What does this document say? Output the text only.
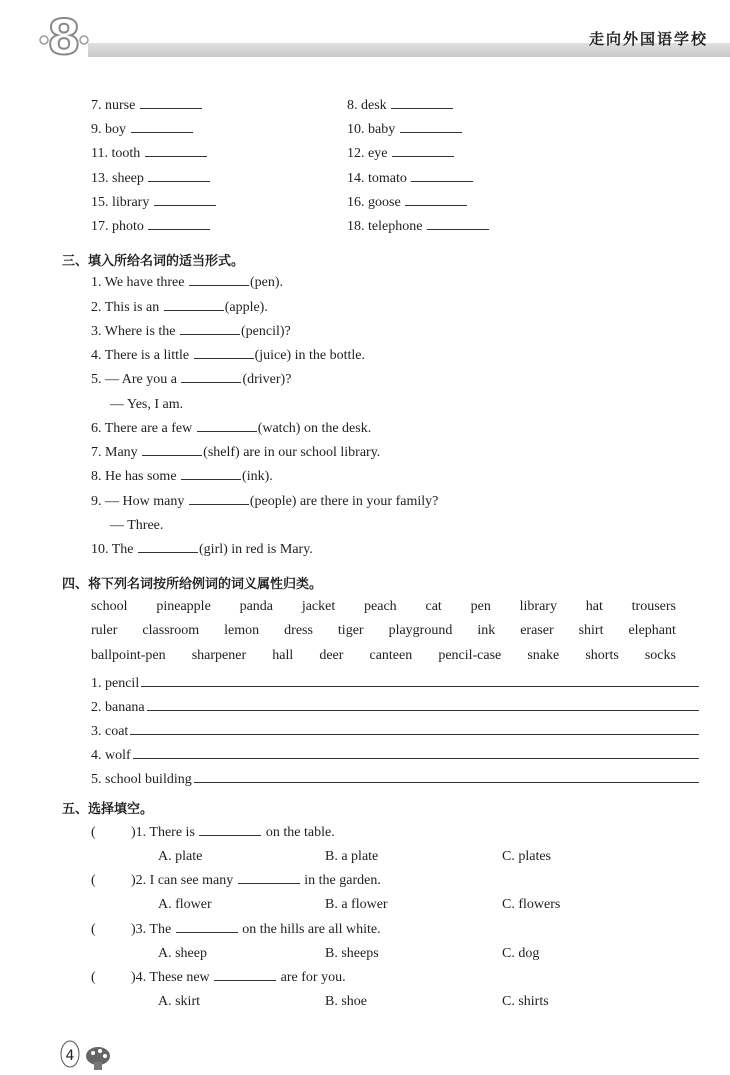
8	走向外国语学校
7. nurse	8. desk
9. boy	10. baby
11. tooth	12. eye
13. sheep	14. tomato
15. library	16. goose
17. photo	18. telephone
三、填入所给名词的适当形式。
1. We have three	(pen).
2. This is an	(apple).
3. Where is the	(pencil)?
4. There is a little	(juice) in the bottle.
5. — Are you a	(driver)?
— Yes, I am.
6. There are a few	(watch) on the desk.
7. Many	(shelf) are in our school library.
8. He has some	(ink).
9. — How many	(people) are there in your family?
— Three.
10. The	(girl) in red is Mary.
四、将下列名词按所给例词的词义属性归类。
school pineapple panda jacket peach cat pen library hat trousers
ruler classroom lemon dress tiger playground ink eraser shirt elephant
ballpoint-pen sharpener hall deer canteen pencil-case snake shorts socks
1. pencil
2. banana
3. coat
4. wolf
5. school building
五、选择填空。
(	)1. There is	on the table.
A. plate	B. a plate	C. plates
(	)2. I can see many	in the garden.
A. flower	B. a flower	C. flowers
(	)3. The	on the hills are all white.
A. sheep	B. sheeps	C. dog
(	)4. These new	are for you.
A. skirt	B. shoe	C. shirts
4
